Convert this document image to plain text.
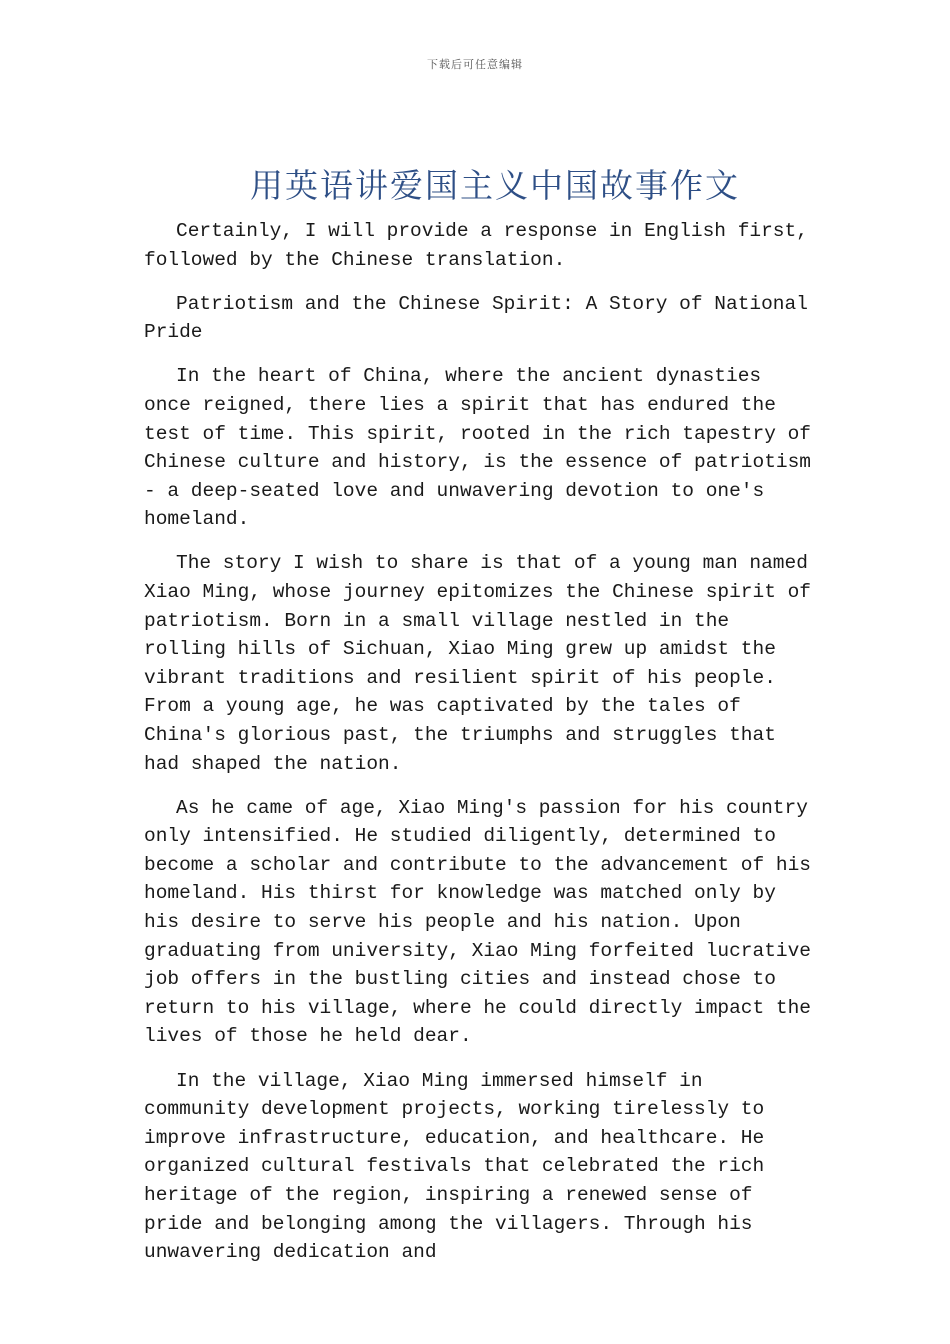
下载后可任意编辑
用英语讲爱国主义中国故事作文

Certainly, I will provide a response in English first, followed by the Chinese translation.

Patriotism and the Chinese Spirit: A Story of National Pride

In the heart of China, where the ancient dynasties once reigned, there lies a spirit that has endured the test of time. This spirit, rooted in the rich tapestry of Chinese culture and history, is the essence of patriotism - a deep-seated love and unwavering devotion to one's homeland.

The story I wish to share is that of a young man named Xiao Ming, whose journey epitomizes the Chinese spirit of patriotism. Born in a small village nestled in the rolling hills of Sichuan, Xiao Ming grew up amidst the vibrant traditions and resilient spirit of his people. From a young age, he was captivated by the tales of China's glorious past, the triumphs and struggles that had shaped the nation.

As he came of age, Xiao Ming's passion for his country only intensified. He studied diligently, determined to become a scholar and contribute to the advancement of his homeland. His thirst for knowledge was matched only by his desire to serve his people and his nation. Upon graduating from university, Xiao Ming forfeited lucrative job offers in the bustling cities and instead chose to return to his village, where he could directly impact the lives of those he held dear.

In the village, Xiao Ming immersed himself in community development projects, working tirelessly to improve infrastructure, education, and healthcare. He organized cultural festivals that celebrated the rich heritage of the region, inspiring a renewed sense of pride and belonging among the villagers. Through his unwavering dedication and
